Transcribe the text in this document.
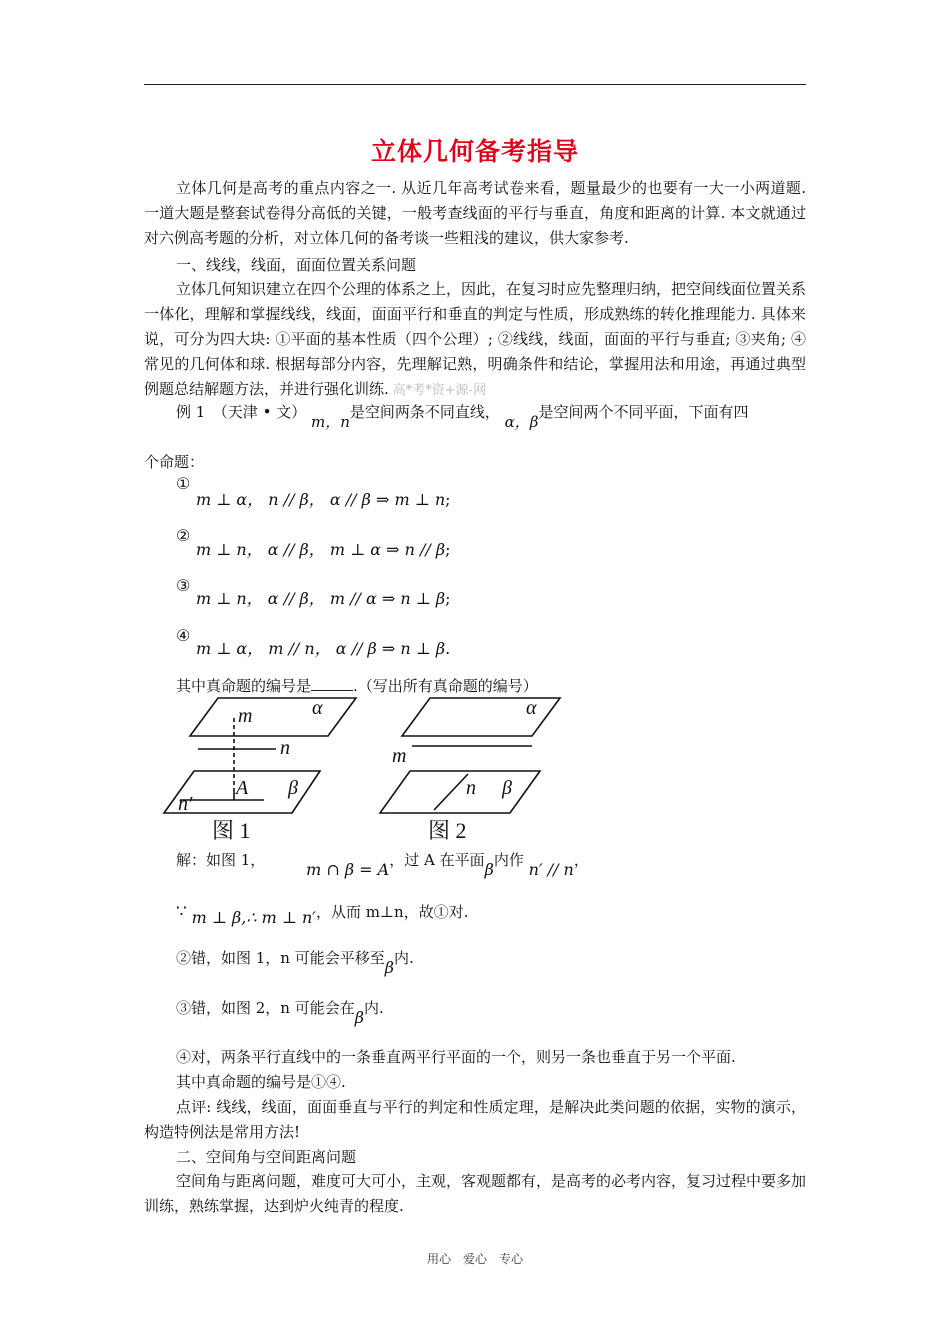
立体几何备考指导

立体几何是高考的重点内容之一. 从近几年高考试卷来看，题量最少的也要有一大一小两道题. 一道大题是整套试卷得分高低的关键，一般考查线面的平行与垂直，角度和距离的计算. 本文就通过对六例高考题的分析，对立体几何的备考谈一些粗浅的建议，供大家参考.

一、线线，线面，面面位置关系问题

立体几何知识建立在四个公理的体系之上，因此，在复习时应先整理归纳，把空间线面位置关系一体化，理解和掌握线线，线面，面面平行和垂直的判定与性质，形成熟练的转化推理能力. 具体来说，可分为四大块: ①平面的基本性质（四个公理）; ②线线，线面，面面的平行与垂直; ③夹角; ④常见的几何体和球. 根据每部分内容，先理解记熟，明确条件和结论，掌握用法和用途，再通过典型例题总结解题方法，并进行强化训练. 高*考*资+源-网

例 1　（天津 • 文） m，n是空间两条不同直线， α，β是空间两个不同平面，下面有四
个命题：
①
m ⊥ α， n // β， α // β ⇒ m ⊥ n;
②
m ⊥ n， α // β， m ⊥ α ⇒ n // β;
③
m ⊥ n， α // β， m // α ⇒ n ⊥ β;
④
m ⊥ α， m // n， α // β ⇒ n ⊥ β.
其中真命题的编号是	.（写出所有真命题的编号）
m	α
n
A β
n′
图 1
α
m
n β
图 2
解：如图 1，	m ∩ β = A，过 A 在平面β内作 n′ // n，
∵ m ⊥ β,∴ m ⊥ n′，从而 m⊥n，故①对.
②错，如图 1，n 可能会平移至β内.
③错，如图 2，n 可能会在β内.
④对，两条平行直线中的一条垂直两平行平面的一个，则另一条也垂直于另一个平面.
其中真命题的编号是①④.

点评: 线线，线面，面面垂直与平行的判定和性质定理，是解决此类问题的依据，实物的演示，构造特例法是常用方法!

二、空间角与空间距离问题

空间角与距离问题，难度可大可小，主观，客观题都有，是高考的必考内容，复习过程中要多加训练，熟练掌握，达到炉火纯青的程度.

用心　爱心　专心
